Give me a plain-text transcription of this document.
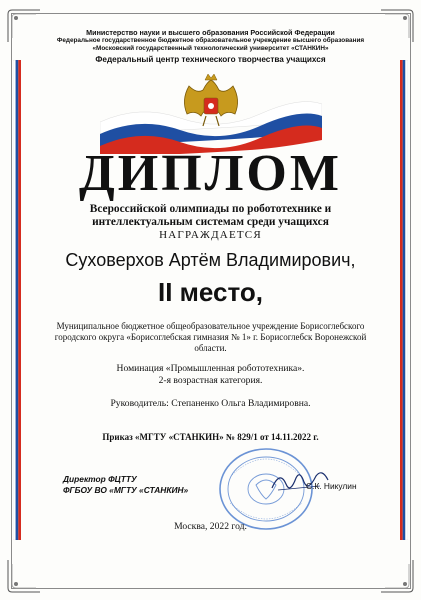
Министерство науки и высшего образования Российской Федерации
Федеральное государственное бюджетное образовательное учреждение высшего образования
«Московский государственный технологический университет «СТАНКИН»
Федеральный центр технического творчества учащихся
ДИПЛОМ
Всероссийской олимпиады по робототехнике и интеллектуальным системам среди учащихся
НАГРАЖДАЕТСЯ
Суховерхов Артём Владимирович,
II место,
Муниципальное бюджетное общеобразовательное учреждение Борисоглебского городского округа «Борисоглебская гимназия № 1» г. Борисоглебск Воронежской области.
Номинация «Промышленная робототехника».
2-я возрастная категория.
Руководитель: Степаненко Ольга Владимировна.
Приказ «МГТУ «СТАНКИН» № 829/1 от 14.11.2022 г.
Директор ФЦТТУ
ФГБОУ ВО «МГТУ «СТАНКИН»	С.К. Никулин
Москва, 2022 год.
